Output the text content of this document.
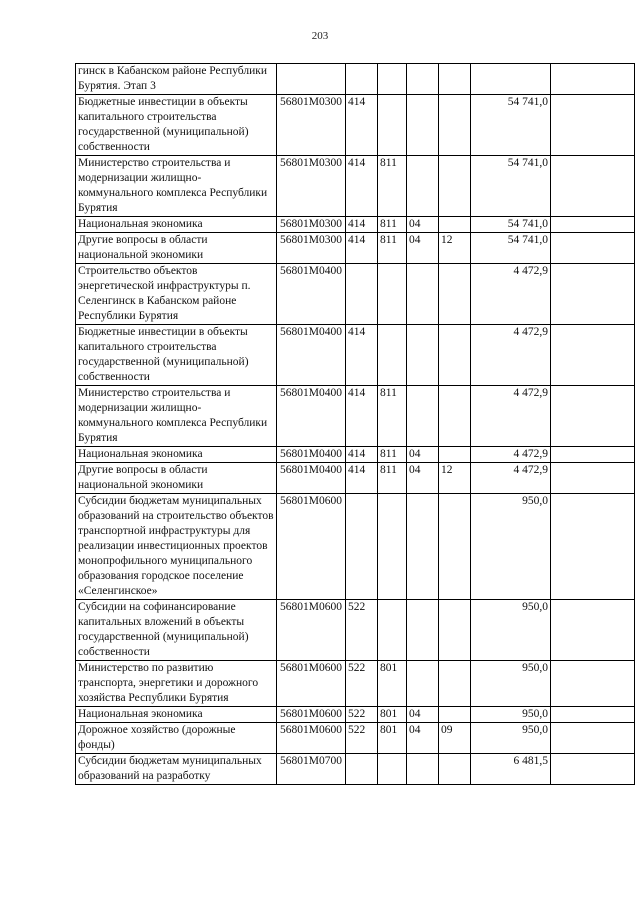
203
гинск в Кабанском районе Республики Бурятия. Этап 3							
Бюджетные инвестиции в объекты капитального строительства государственной (муниципальной) собственности	56801М0300	414				54 741,0	
Министерство строительства и модернизации жилищно-коммунального комплекса Республики Бурятия	56801М0300	414	811			54 741,0	
Национальная экономика	56801М0300	414	811	04		54 741,0	
Другие вопросы в области национальной экономики	56801М0300	414	811	04	12	54 741,0	
Строительство объектов энергетической инфраструктуры п. Селенгинск в Кабанском районе Республики Бурятия	56801М0400					4 472,9	
Бюджетные инвестиции в объекты капитального строительства государственной (муниципальной) собственности	56801М0400	414				4 472,9	
Министерство строительства и модернизации жилищно-коммунального комплекса Республики Бурятия	56801М0400	414	811			4 472,9	
Национальная экономика	56801М0400	414	811	04		4 472,9	
Другие вопросы в области национальной экономики	56801М0400	414	811	04	12	4 472,9	
Субсидии бюджетам муниципальных образований на строительство объектов транспортной инфраструктуры для реализации инвестиционных проектов монопрофильного муниципального образования городское поселение «Селенгинское»	56801М0600					950,0	
Субсидии на софинансирование капитальных вложений в объекты государственной (муниципальной) собственности	56801М0600	522				950,0	
Министерство по развитию транспорта, энергетики и дорожного хозяйства Республики Бурятия	56801М0600	522	801			950,0	
Национальная экономика	56801М0600	522	801	04		950,0	
Дорожное хозяйство (дорожные фонды)	56801М0600	522	801	04	09	950,0	
Субсидии бюджетам муниципальных образований на разработку	56801М0700					6 481,5	
